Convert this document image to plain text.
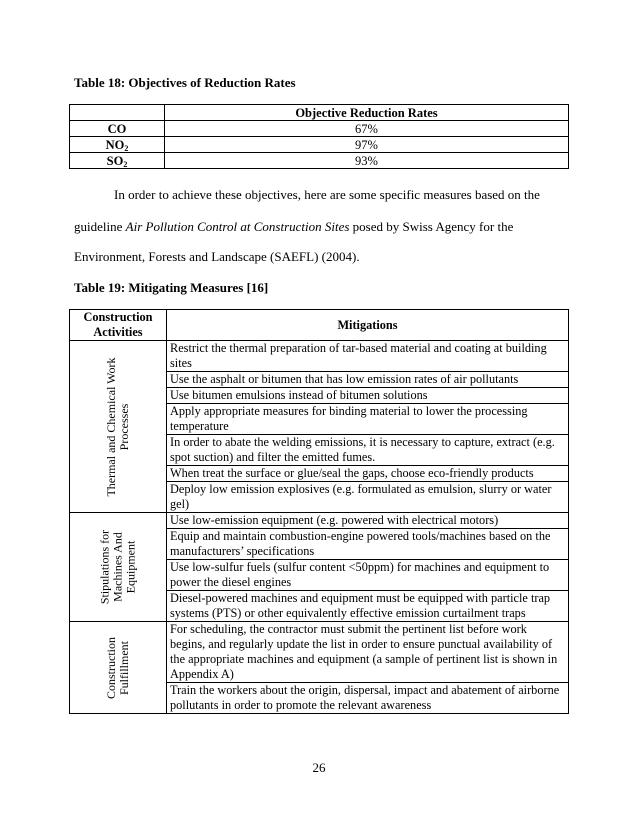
Table 18: Objectives of Reduction Rates
	Objective Reduction Rates
CO	67%
$NO_2$	97%
$SO_2$	93%
In order to achieve these objectives, here are some specific measures based on the
guideline Air Pollution Control at Construction Sites posed by Swiss Agency for the
Environment, Forests and Landscape (SAEFL) (2004).
Table 19: Mitigating Measures [16]
Construction Activities	Mitigations

Thermal and Chemical Work Processes	Restrict the thermal preparation of tar-based material and coating at building sites
	Use the asphalt or bitumen that has low emission rates of air pollutants
	Use bitumen emulsions instead of bitumen solutions
	Apply appropriate measures for binding material to lower the processing temperature
	In order to abate the welding emissions, it is necessary to capture, extract (e.g. spot suction) and filter the emitted fumes.
	When treat the surface or glue/seal the gaps, choose eco-friendly products
	Deploy low emission explosives (e.g. formulated as emulsion, slurry or water gel)

Stipulations for Machines And Equipment	Use low-emission equipment (e.g. powered with electrical motors)
	Equip and maintain combustion-engine powered tools/machines based on the manufacturers’ specifications
	Use low-sulfur fuels (sulfur content <50ppm) for machines and equipment to power the diesel engines
	Diesel-powered machines and equipment must be equipped with particle trap systems (PTS) or other equivalently effective emission curtailment traps

Construction Fulfillment	For scheduling, the contractor must submit the pertinent list before work begins, and regularly update the list in order to ensure punctual availability of the appropriate machines and equipment (a sample of pertinent list is shown in Appendix A)
	Train the workers about the origin, dispersal, impact and abatement of airborne pollutants in order to promote the relevant awareness
26
